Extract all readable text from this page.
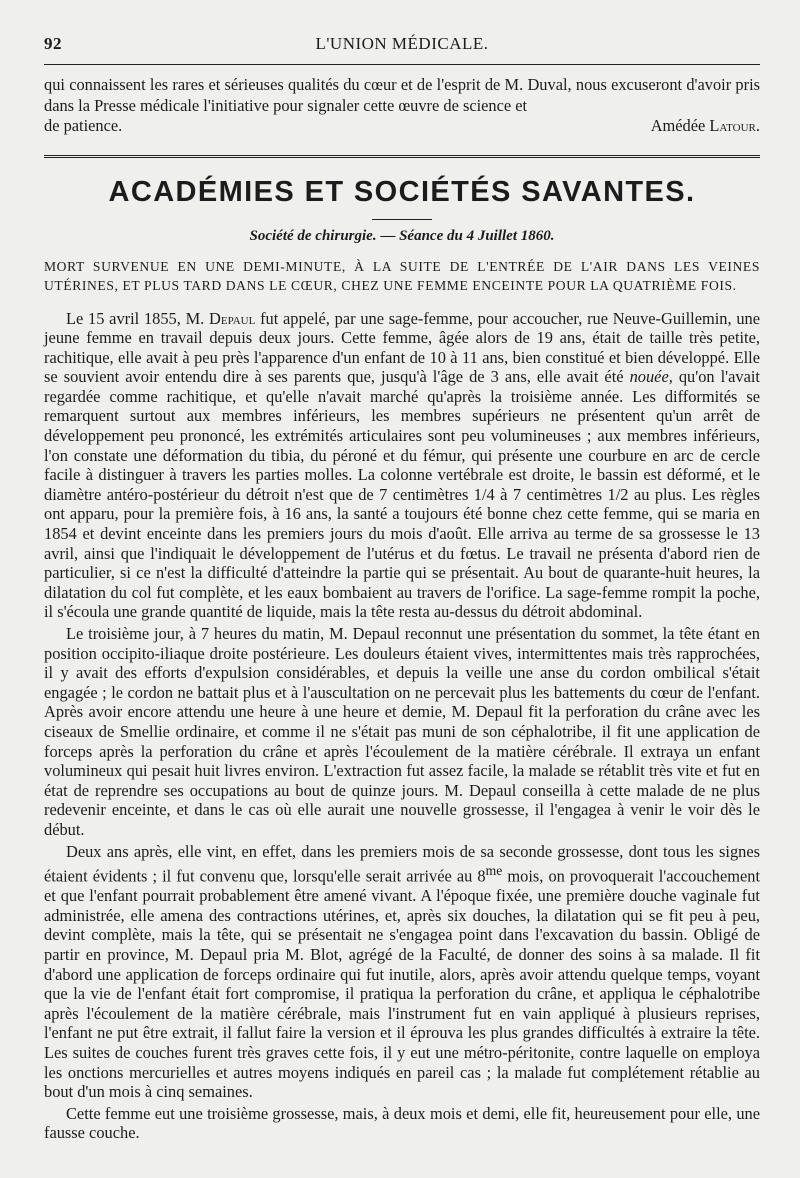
92	L'UNION MÉDICALE.
qui connaissent les rares et sérieuses qualités du cœur et de l'esprit de M. Duval, nous excuseront d'avoir pris dans la Presse médicale l'initiative pour signaler cette œuvre de science et
de patience.	Amédée Latour.
ACADÉMIES ET SOCIÉTÉS SAVANTES.
Société de chirurgie. — Séance du 4 Juillet 1860.
MORT SURVENUE EN UNE DEMI-MINUTE, À LA SUITE DE L'ENTRÉE DE L'AIR DANS LES VEINES UTÉRINES, ET PLUS TARD DANS LE CŒUR, CHEZ UNE FEMME ENCEINTE POUR LA QUATRIÈME FOIS.

Le 15 avril 1855, M. Depaul fut appelé, par une sage-femme, pour accoucher, rue Neuve-Guillemin, une jeune femme en travail depuis deux jours. Cette femme, âgée alors de 19 ans, était de taille très petite, rachitique, elle avait à peu près l'apparence d'un enfant de 10 à 11 ans, bien constitué et bien développé. Elle se souvient avoir entendu dire à ses parents que, jusqu'à l'âge de 3 ans, elle avait été nouée, qu'on l'avait regardée comme rachitique, et qu'elle n'avait marché qu'après la troisième année. Les difformités se remarquent surtout aux membres inférieurs, les membres supérieurs ne présentent qu'un arrêt de développement peu prononcé, les extrémités articulaires sont peu volumineuses ; aux membres inférieurs, l'on constate une déformation du tibia, du péroné et du fémur, qui présente une courbure en arc de cercle facile à distinguer à travers les parties molles. La colonne vertébrale est droite, le bassin est déformé, et le diamètre antéro-postérieur du détroit n'est que de 7 centimètres 1/4 à 7 centimètres 1/2 au plus. Les règles ont apparu, pour la première fois, à 16 ans, la santé a toujours été bonne chez cette femme, qui se maria en 1854 et devint enceinte dans les premiers jours du mois d'août. Elle arriva au terme de sa grossesse le 13 avril, ainsi que l'indiquait le développement de l'utérus et du fœtus. Le travail ne présenta d'abord rien de particulier, si ce n'est la difficulté d'atteindre la partie qui se présentait. Au bout de quarante-huit heures, la dilatation du col fut complète, et les eaux bombaient au travers de l'orifice. La sage-femme rompit la poche, il s'écoula une grande quantité de liquide, mais la tête resta au-dessus du détroit abdominal.

Le troisième jour, à 7 heures du matin, M. Depaul reconnut une présentation du sommet, la tête étant en position occipito-iliaque droite postérieure. Les douleurs étaient vives, intermittentes mais très rapprochées, il y avait des efforts d'expulsion considérables, et depuis la veille une anse du cordon ombilical s'était engagée ; le cordon ne battait plus et à l'auscultation on ne percevait plus les battements du cœur de l'enfant. Après avoir encore attendu une heure à une heure et demie, M. Depaul fit la perforation du crâne avec les ciseaux de Smellie ordinaire, et comme il ne s'était pas muni de son céphalotribe, il fit une application de forceps après la perforation du crâne et après l'écoulement de la matière cérébrale. Il extraya un enfant volumineux qui pesait huit livres environ. L'extraction fut assez facile, la malade se rétablit très vite et fut en état de reprendre ses occupations au bout de quinze jours. M. Depaul conseilla à cette malade de ne plus redevenir enceinte, et dans le cas où elle aurait une nouvelle grossesse, il l'engagea à venir le voir dès le début.

Deux ans après, elle vint, en effet, dans les premiers mois de sa seconde grossesse, dont tous les signes étaient évidents ; il fut convenu que, lorsqu'elle serait arrivée au $8^{me}$ mois, on provoquerait l'accouchement et que l'enfant pourrait probablement être amené vivant. A l'époque fixée, une première douche vaginale fut administrée, elle amena des contractions utérines, et, après six douches, la dilatation qui se fit peu à peu, devint complète, mais la tête, qui se présentait ne s'engagea point dans l'excavation du bassin. Obligé de partir en province, M. Depaul pria M. Blot, agrégé de la Faculté, de donner des soins à sa malade. Il fit d'abord une application de forceps ordinaire qui fut inutile, alors, après avoir attendu quelque temps, voyant que la vie de l'enfant était fort compromise, il pratiqua la perforation du crâne, et appliqua le céphalotribe après l'écoulement de la matière cérébrale, mais l'instrument fut en vain appliqué à plusieurs reprises, l'enfant ne put être extrait, il fallut faire la version et il éprouva les plus grandes difficultés à extraire la tête. Les suites de couches furent très graves cette fois, il y eut une métro-péritonite, contre laquelle on employa les onctions mercurielles et autres moyens indiqués en pareil cas ; la malade fut complétement rétablie au bout d'un mois à cinq semaines.

Cette femme eut une troisième grossesse, mais, à deux mois et demi, elle fit, heureusement pour elle, une fausse couche.
